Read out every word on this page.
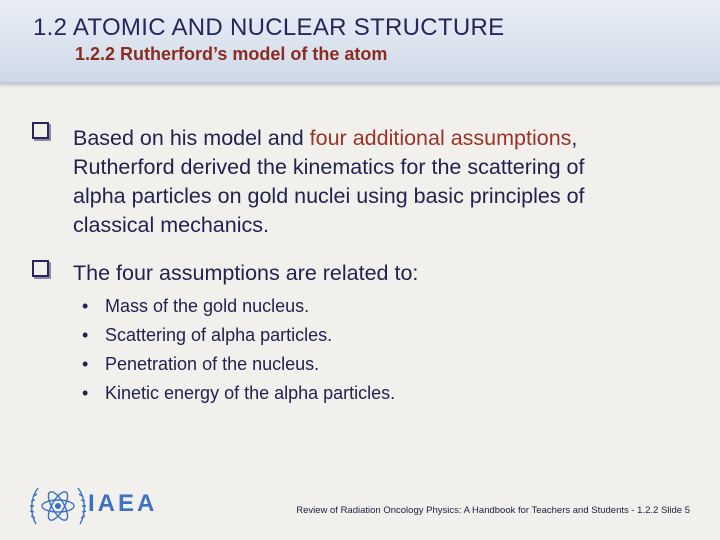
1.2 ATOMIC AND NUCLEAR STRUCTURE
1.2.2 Rutherford’s model of the atom
Based on his model and four additional assumptions,
Rutherford derived the kinematics for the scattering of
alpha particles on gold nuclei using basic principles of
classical mechanics.
The four assumptions are related to:
• Mass of the gold nucleus.
• Scattering of alpha particles.
• Penetration of the nucleus.
• Kinetic energy of the alpha particles.
IAEA	Review of Radiation Oncology Physics: A Handbook for Teachers and Students - 1.2.2 Slide 5
